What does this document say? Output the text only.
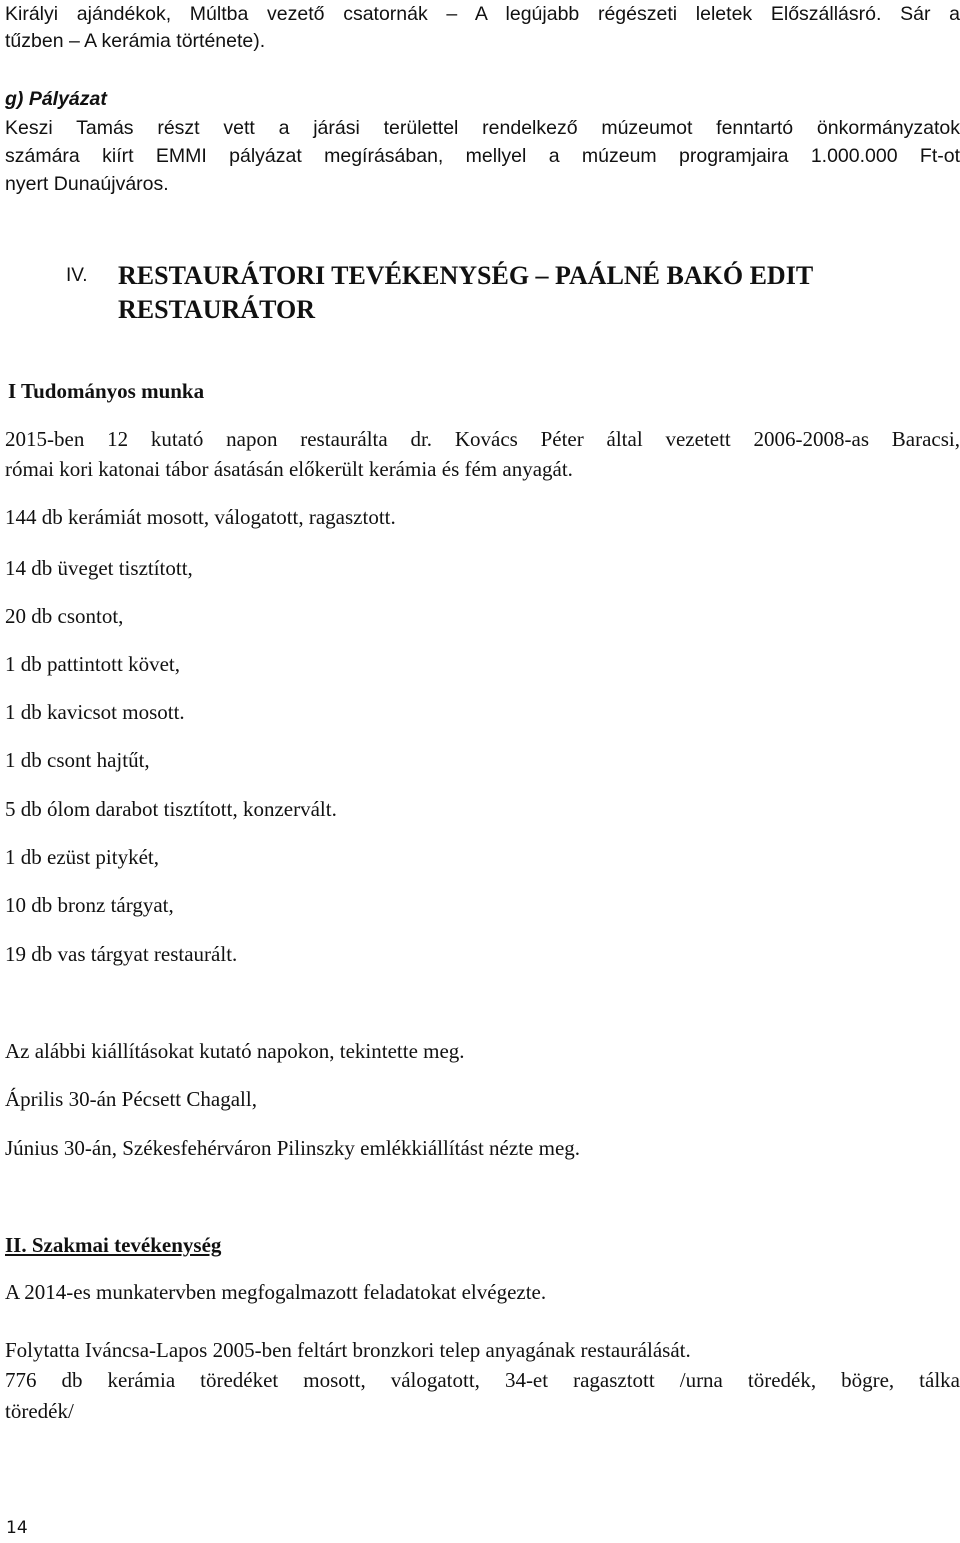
Királyi ajándékok, Múltba vezető csatornák – A legújabb régészeti leletek Előszállásró. Sár a
tűzben – A kerámia története).
g) Pályázat
Keszi Tamás részt vett a járási területtel rendelkező múzeumot fenntartó önkormányzatok
számára kiírt EMMI pályázat megírásában, mellyel a múzeum programjaira 1.000.000 Ft-ot
nyert Dunaújváros.
IV. RESTAURÁTORI TEVÉKENYSÉG – PAÁLNÉ BAKÓ EDIT
RESTAURÁTOR
I Tudományos munka
2015-ben 12 kutató napon restaurálta dr. Kovács Péter által vezetett 2006-2008-as Baracsi,
római kori katonai tábor ásatásán előkerült kerámia és fém anyagát.
144 db kerámiát mosott, válogatott, ragasztott.
14 db üveget tisztított,
20 db csontot,
1 db pattintott követ,
1 db kavicsot mosott.
1 db csont hajtűt,
5 db ólom darabot tisztított, konzervált.
1 db ezüst pitykét,
10 db bronz tárgyat,
19 db vas tárgyat restaurált.
Az alábbi kiállításokat kutató napokon, tekintette meg.
Április 30-án Pécsett Chagall,
Június 30-án, Székesfehérváron Pilinszky emlékkiállítást nézte meg.
II. Szakmai tevékenység
A 2014-es munkatervben megfogalmazott feladatokat elvégezte.
Folytatta Iváncsa-Lapos 2005-ben feltárt bronzkori telep anyagának restaurálását.
776 db kerámia töredéket mosott, válogatott, 34-et ragasztott /urna töredék, bögre, tálka
töredék/
14
